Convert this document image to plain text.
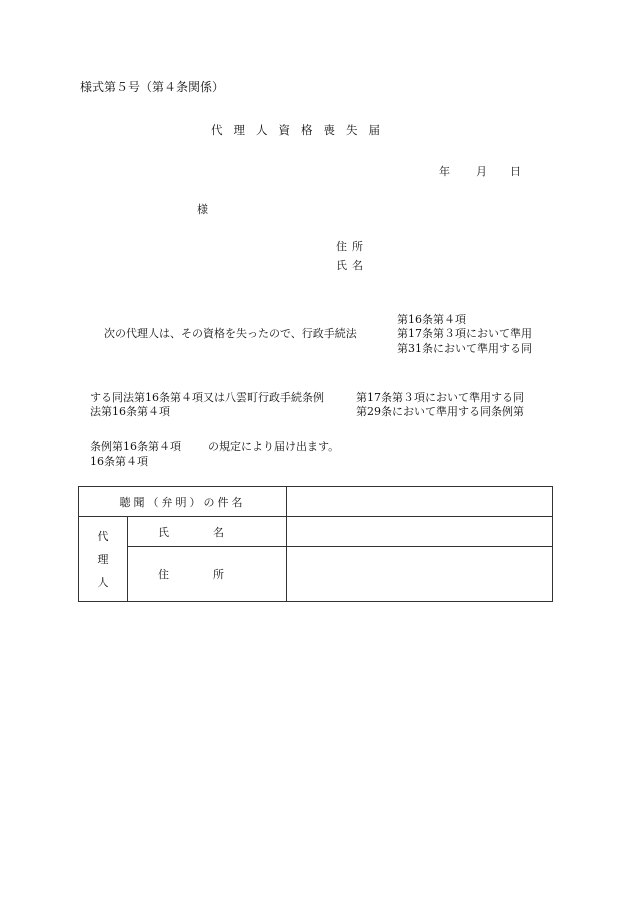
様式第５号（第４条関係）
代理人資格喪失届
年 月 日
様
住所
氏名
第16条第４項
次の代理人は、その資格を失ったので、行政手続法	第17条第３項において準用
第31条において準用する同
する同法第16条第４項又は八雲町行政手続条例	第17条第３項において準用する同
法第16条第４項	第29条において準用する同条例第
条例第16条第４項 の規定により届け出ます。
16条第４項
聴聞（弁明）の件名		
代
理
人	氏 名	
	住 所	
